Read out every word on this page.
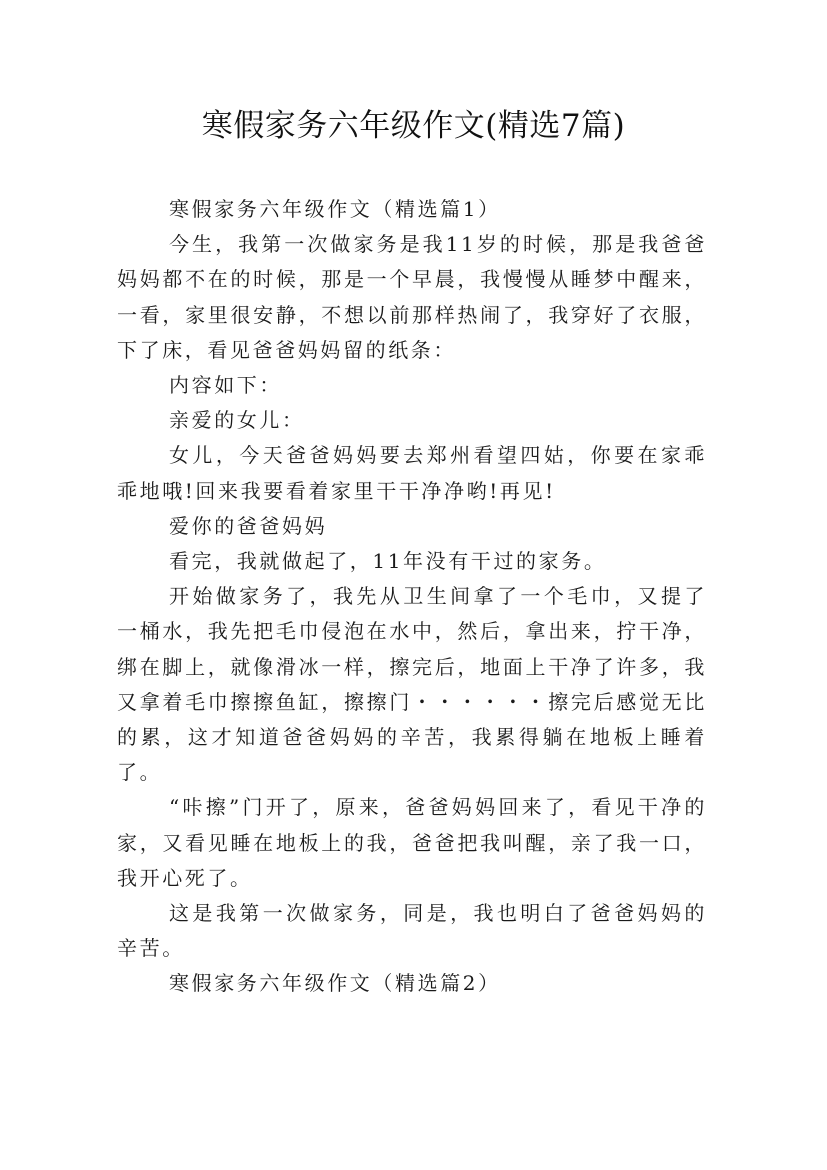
寒假家务六年级作文(精选7篇)

寒假家务六年级作文（精选篇1）

今生，我第一次做家务是我11岁的时候，那是我爸爸妈妈都不在的时候，那是一个早晨，我慢慢从睡梦中醒来，一看，家里很安静，不想以前那样热闹了，我穿好了衣服，下了床，看见爸爸妈妈留的纸条：

内容如下：

亲爱的女儿：

女儿，今天爸爸妈妈要去郑州看望四姑，你要在家乖乖地哦!回来我要看着家里干干净净哟!再见!

爱你的爸爸妈妈

看完，我就做起了，11年没有干过的家务。

开始做家务了，我先从卫生间拿了一个毛巾，又提了一桶水，我先把毛巾侵泡在水中，然后，拿出来，拧干净，绑在脚上，就像滑冰一样，擦完后，地面上干净了许多，我又拿着毛巾擦擦鱼缸，擦擦门・・・・・・擦完后感觉无比的累，这才知道爸爸妈妈的辛苦，我累得躺在地板上睡着了。

“咔擦”门开了，原来，爸爸妈妈回来了，看见干净的家，又看见睡在地板上的我，爸爸把我叫醒，亲了我一口，我开心死了。

这是我第一次做家务，同是，我也明白了爸爸妈妈的辛苦。

寒假家务六年级作文（精选篇2）
